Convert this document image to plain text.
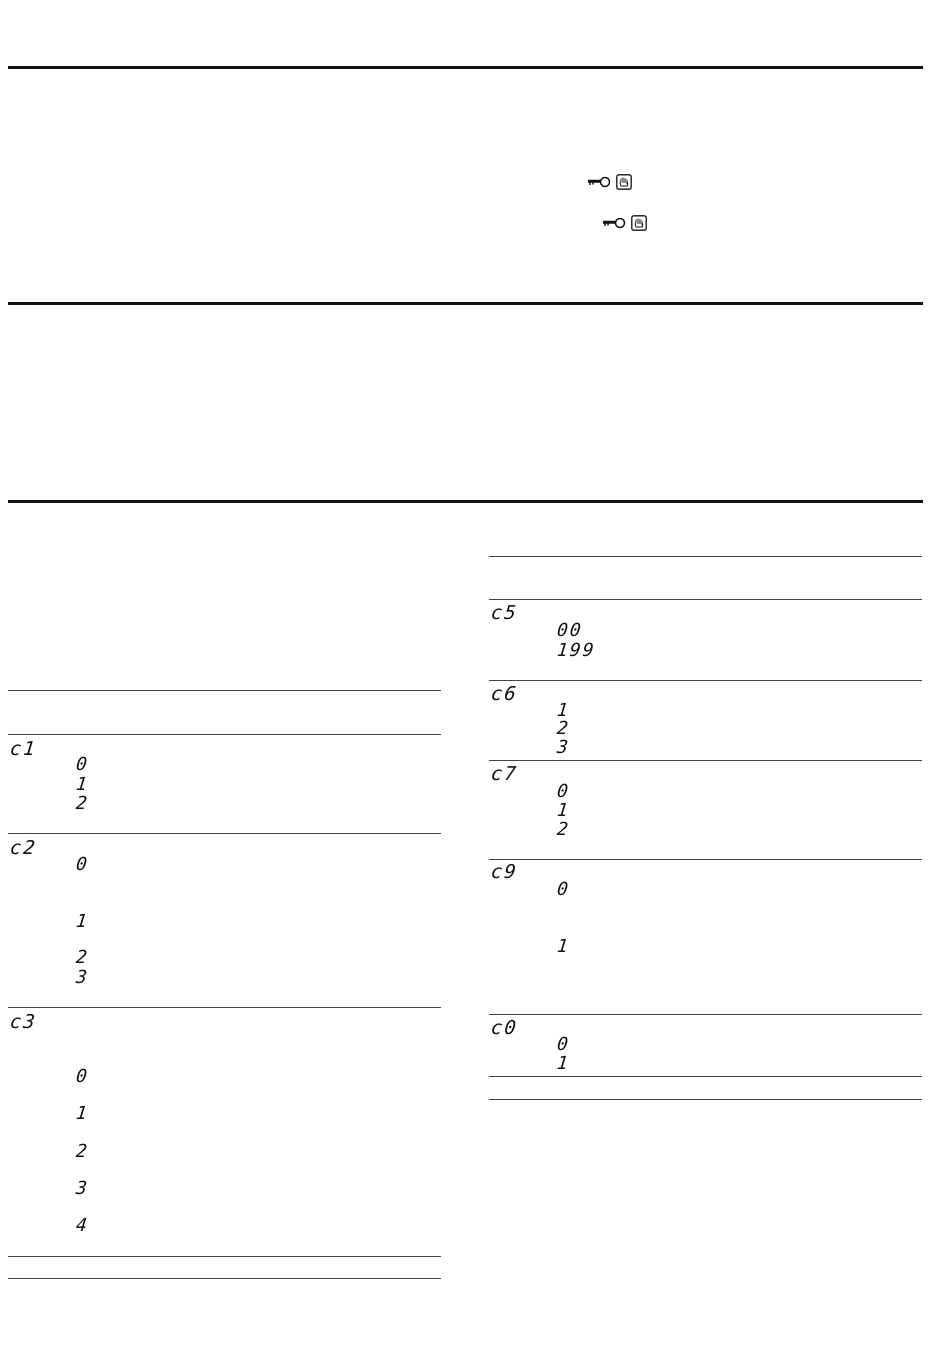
c1
0
1
2
c2
0
1
2
3
c3
0
1
2
3
4
c5
00
199
c6
1
2
3
c7
0
1
2
c9
0
1
c0
0
1
